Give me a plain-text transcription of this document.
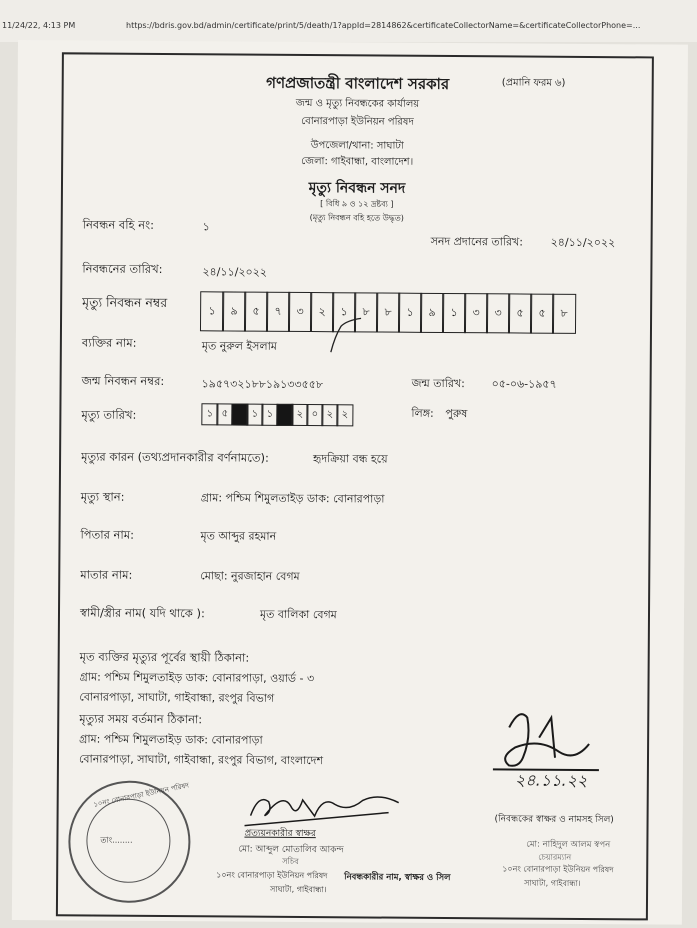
11/24/22, 4:13 PM	https://bdris.gov.bd/admin/certificate/print/5/death/1?appId=2814862&certificateCollectorName=&certificateCollectorPhone=...
(প্রমানি ফরম ৬)
গণপ্রজাতন্ত্রী বাংলাদেশ সরকার
জন্ম ও মৃত্যু নিবন্ধকের কার্যালয়
বোনারপাড়া ইউনিয়ন পরিষদ
উপজেলা/থানা: সাঘাটা
জেলা: গাইবান্ধা, বাংলাদেশ।
মৃত্যু নিবন্ধন সনদ
[ বিধি ৯ ও ১২ দ্রষ্টব্য ]
(মৃত্যু নিবন্ধন বহি হতে উদ্ধৃত)
নিবন্ধন বহি নং:	১
সনদ প্রদানের তারিখ:	২৪/১১/২০২২
নিবন্ধনের তারিখ:	২৪/১১/২০২২
মৃত্যু নিবন্ধন নম্বর
১	৯	৫	৭	৩	২	১	৮	৮	১	৯	১	৩	৩	৫	৫	৮
ব্যক্তির নাম:	মৃত নুরুল ইসলাম
জন্ম নিবন্ধন নম্বর:	১৯৫৭৩২১৮৮১৯১৩৩৫৫৮	জন্ম তারিখ: ০৫-০৬-১৯৫৭
মৃত্যু তারিখ:	১ ৫	১ ১	২ ০ ২ ২	লিঙ্গ: পুরুষ
মৃত্যুর কারন (তথ্যপ্রদানকারীর বর্ণনামতে):	হৃদক্রিয়া বন্ধ হয়ে
মৃত্যু স্থান:	গ্রাম: পশ্চিম শিমুলতাইড় ডাক: বোনারপাড়া
পিতার নাম:	মৃত আব্দুর রহমান
মাতার নাম:	মোছা: নুরজাহান বেগম
স্বামী/স্ত্রীর নাম( যদি থাকে ):	মৃত বালিকা বেগম
মৃত ব্যক্তির মৃত্যুর পূর্বের স্থায়ী ঠিকানা:
গ্রাম: পশ্চিম শিমুলতাইড় ডাক: বোনারপাড়া, ওয়ার্ড - ৩
বোনারপাড়া, সাঘাটা, গাইবান্ধা, রংপুর বিভাগ
মৃত্যুর সময় বর্তমান ঠিকানা:
গ্রাম: পশ্চিম শিমুলতাইড় ডাক: বোনারপাড়া
বোনারপাড়া, সাঘাটা, গাইবান্ধা, রংপুর বিভাগ, বাংলাদেশ
২৪.১১.২২
(নিবন্ধকের স্বাক্ষর ও নামসহ সিল)
মো: নাহিদুল আলম স্বপন
চেয়ারম্যান
১০নং বোনারপাড়া ইউনিয়ন পরিষদ
সাঘাটা, গাইবান্ধা।
১০নং বোনারপাড়া ইউনিয়ন পরিষদ
তাং........
প্রত্যয়নকারীর স্বাক্ষর
মো: আব্দুল মোতালিব আকন্দ
সচিব
১০নং বোনারপাড়া ইউনিয়ন পরিষদ
সাঘাটা, গাইবান্ধা।
নিবন্ধকারীর নাম, স্বাক্ষর ও সিল
